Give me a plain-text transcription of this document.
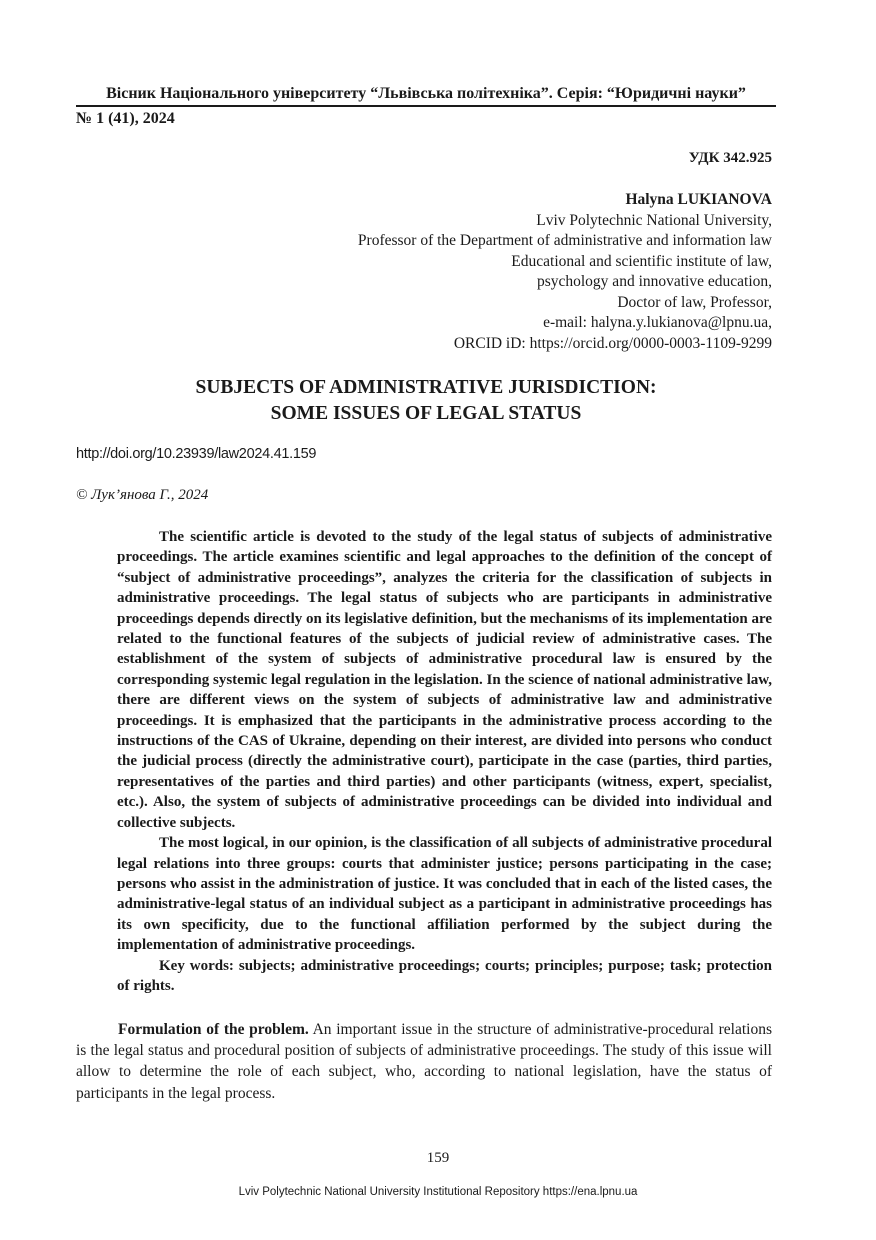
Вісник Національного університету “Львівська політехніка”. Серія: “Юридичні науки”
№ 1 (41), 2024
УДК 342.925
Halyna LUKIANOVA
Lviv Polytechnic National University,
Professor of the Department of administrative and information law
Educational and scientific institute of law,
psychology and innovative education,
Doctor of law, Professor,
e-mail: halyna.y.lukianova@lpnu.ua,
ORCID iD: https://orcid.org/0000-0003-1109-9299
SUBJECTS OF ADMINISTRATIVE JURISDICTION:
SOME ISSUES OF LEGAL STATUS
http://doi.org/10.23939/law2024.41.159
© Лук’янова Г., 2024

The scientific article is devoted to the study of the legal status of subjects of administrative proceedings. The article examines scientific and legal approaches to the definition of the concept of “subject of administrative proceedings”, analyzes the criteria for the classification of subjects in administrative proceedings. The legal status of subjects who are participants in administrative proceedings depends directly on its legislative definition, but the mechanisms of its implementation are related to the functional features of the subjects of judicial review of administrative cases. The establishment of the system of subjects of administrative procedural law is ensured by the corresponding systemic legal regulation in the legislation. In the science of national administrative law, there are different views on the system of subjects of administrative law and administrative proceedings. It is emphasized that the participants in the administrative process according to the instructions of the CAS of Ukraine, depending on their interest, are divided into persons who conduct the judicial process (directly the administrative court), participate in the case (parties, third parties, representatives of the parties and third parties) and other participants (witness, expert, specialist, etc.). Also, the system of subjects of administrative proceedings can be divided into individual and collective subjects.

The most logical, in our opinion, is the classification of all subjects of administrative procedural legal relations into three groups: courts that administer justice; persons participating in the case; persons who assist in the administration of justice. It was concluded that in each of the listed cases, the administrative-legal status of an individual subject as a participant in administrative proceedings has its own specificity, due to the functional affiliation performed by the subject during the implementation of administrative proceedings.

Key words: subjects; administrative proceedings; courts; principles; purpose; task; protection of rights.

Formulation of the problem. An important issue in the structure of administrative-procedural relations is the legal status and procedural position of subjects of administrative proceedings. The study of this issue will allow to determine the role of each subject, who, according to national legislation, have the status of participants in the legal process.

159
Lviv Polytechnic National University Institutional Repository https://ena.lpnu.ua
